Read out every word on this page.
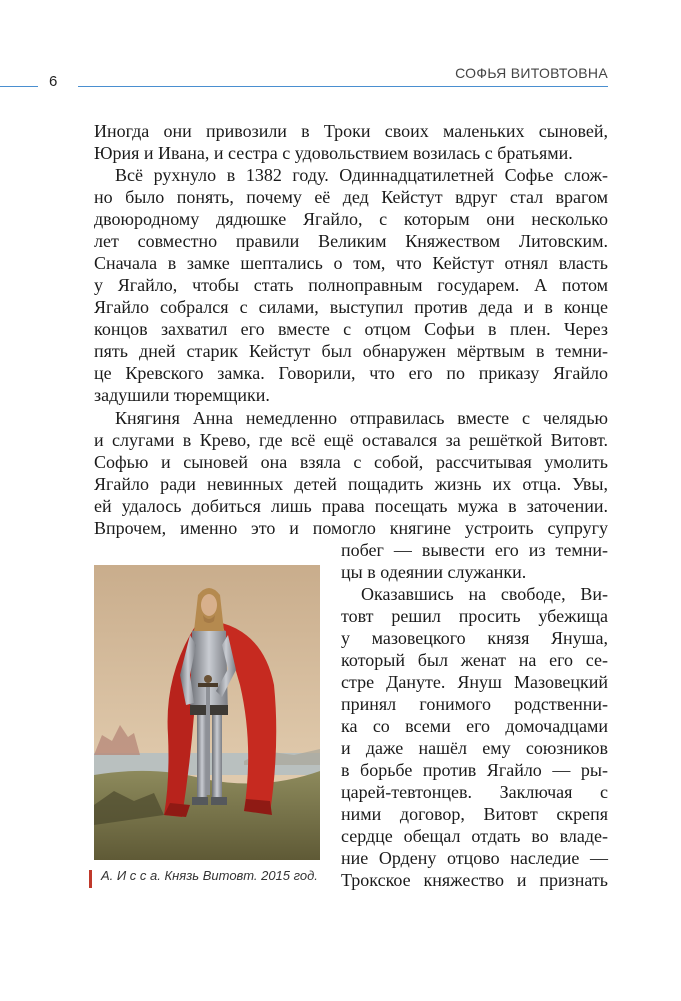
6	СОФЬЯ ВИТОВТОВНА
Иногда они привозили в Троки своих маленьких сыновей,
Юрия и Ивана, и сестра с удовольствием возилась с братьями.
Всё рухнуло в 1382 году. Одиннадцатилетней Софье слож-
но было понять, почему её дед Кейстут вдруг стал врагом
двоюродному дядюшке Ягайло, с которым они несколько
лет совместно правили Великим Княжеством Литовским.
Сначала в замке шептались о том, что Кейстут отнял власть
у Ягайло, чтобы стать полноправным государем. А потом
Ягайло собрался с силами, выступил против деда и в конце
концов захватил его вместе с отцом Софьи в плен. Через
пять дней старик Кейстут был обнаружен мёртвым в темни-
це Кревского замка. Говорили, что его по приказу Ягайло
задушили тюремщики.
Княгиня Анна немедленно отправилась вместе с челядью
и слугами в Крево, где всё ещё оставался за решёткой Витовт.
Софью и сыновей она взяла с собой, рассчитывая умолить
Ягайло ради невинных детей пощадить жизнь их отца. Увы,
ей удалось добиться лишь права посещать мужа в заточении.
Впрочем, именно это и помогло княгине устроить супругу
побег — вывести его из темни-
цы в одеянии служанки.
Оказавшись на свободе, Ви-
товт решил просить убежища
у мазовецкого князя Януша,
который был женат на его се-
стре Дануте. Януш Мазовецкий
принял гонимого родственни-
ка со всеми его домочадцами
и даже нашёл ему союзников
в борьбе против Ягайло — ры-
царей-тевтонцев. Заключая с
ними договор, Витовт скрепя
сердце обещал отдать во владе-
ние Ордену отцово наследие —
Трокское княжество и признать
А. И с с а. Князь Витовт. 2015 год.
